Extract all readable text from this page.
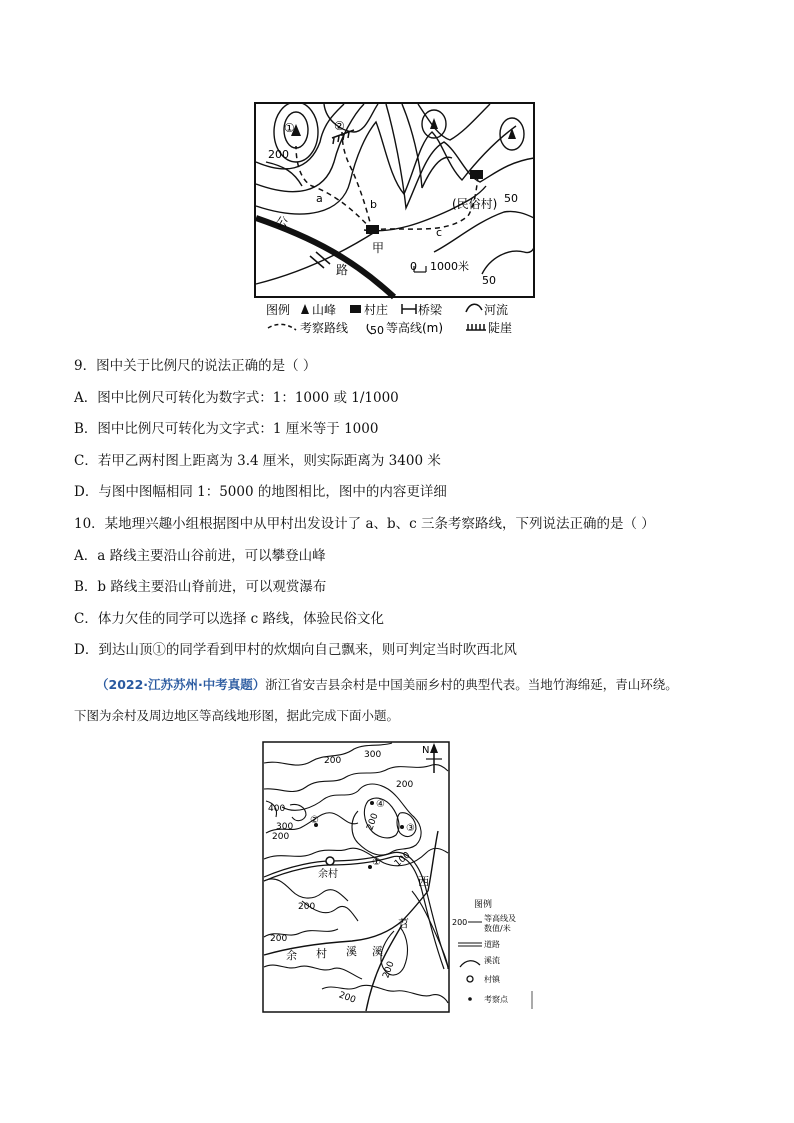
①	②
200
50
50
a	b
c
甲
(民俗村)
公
路	0 1000米
图例 山峰 村庄 桥梁	河流
考察路线 50 等高线(m)	陡崖
9．图中关于比例尺的说法正确的是（ ）
A．图中比例尺可转化为数字式：1：1000 或 1/1000
B．图中比例尺可转化为文字式：1 厘米等于 1000
C．若甲乙两村图上距离为 3.4 厘米，则实际距离为 3400 米
D．与图中图幅相同 1：5000 的地图相比，图中的内容更详细
10．某地理兴趣小组根据图中从甲村出发设计了 a、b、c 三条考察路线，下列说法正确的是（ ）
A．a 路线主要沿山谷前进，可以攀登山峰
B．b 路线主要沿山脊前进，可以观赏瀑布
C．体力欠佳的同学可以选择 c 路线，体验民俗文化
D．到达山顶①的同学看到甲村的炊烟向自己飘来，则可判定当时吹西北风
（2022·江苏苏州·中考真题）浙江省安吉县余村是中国美丽乡村的典型代表。当地竹海绵延，青山环绕。
下图为余村及周边地区等高线地形图，据此完成下面小题。
N
200
300
200
400
300
200
200
100
200
200
200
200
④
③
②
①
余村
西
苕
溪
余 村 溪
图例
200 等高线及
数值/米
道路
溪流
村镇
考察点
